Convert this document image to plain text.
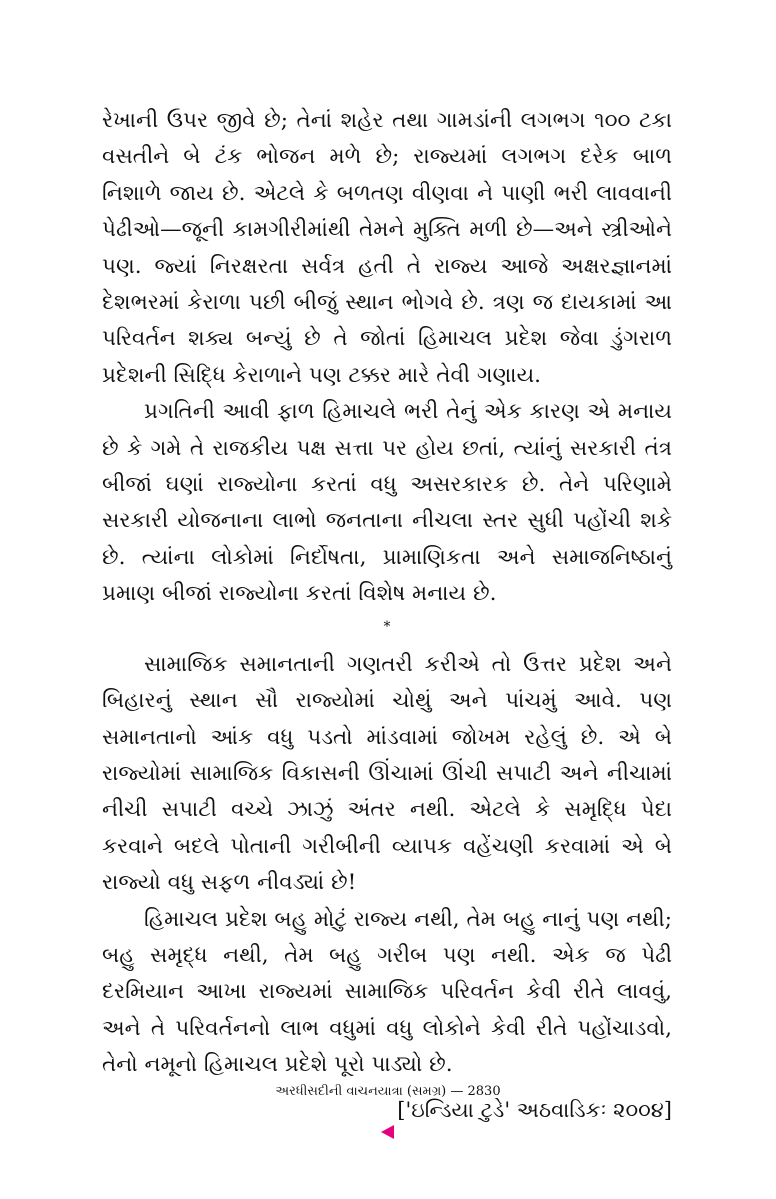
રેખાની ઉપર જીવે છે; તેનાં શહેર તથા ગામડાંની લગભગ ૧૦૦ ટકા વસતીને બે ટંક ભોજન મળે છે; રાજ્યમાં લગભગ દરેક બાળ નિશાળે જાય છે. એટલે કે બળતણ વીણવા ને પાણી ભરી લાવવાની પેઢીઓ—જૂની કામગીરીમાંથી તેમને મુક્તિ મળી છે—અને સ્ત્રીઓને પણ. જ્યાં નિરક્ષરતા સર્વત્ર હતી તે રાજ્ય આજે અક્ષરજ્ઞાનમાં દેશભરમાં કેરાળા પછી બીજું સ્થાન ભોગવે છે. ત્રણ જ દાયકામાં આ પરિવર્તન શક્ય બન્યું છે તે જોતાં હિમાચલ પ્રદેશ જેવા ડુંગરાળ પ્રદેશની સિદ્ધિ કેરાળાને પણ ટક્કર મારે તેવી ગણાય.

પ્રગતિની આવી ફાળ હિમાચલે ભરી તેનું એક કારણ એ મનાય છે કે ગમે તે રાજકીય પક્ષ સત્તા પર હોય છતાં, ત્યાંનું સરકારી તંત્ર બીજાં ઘણાં રાજ્યોના કરતાં વધુ અસરકારક છે. તેને પરિણામે સરકારી યોજનાના લાભો જનતાના નીચલા સ્તર સુધી પહોંચી શકે છે. ત્યાંના લોકોમાં નિર્દોષતા, પ્રામાણિકતા અને સમાજનિષ્ઠાનું પ્રમાણ બીજાં રાજ્યોના કરતાં વિશેષ મનાય છે.

*

સામાજિક સમાનતાની ગણતરી કરીએ તો ઉત્તર પ્રદેશ અને બિહારનું સ્થાન સૌ રાજ્યોમાં ચોથું અને પાંચમું આવે. પણ સમાનતાનો આંક વધુ પડતો માંડવામાં જોખમ રહેલું છે. એ બે રાજ્યોમાં સામાજિક વિકાસની ઊંચામાં ઊંચી સપાટી અને નીચામાં નીચી સપાટી વચ્ચે ઝાઝું અંતર નથી. એટલે કે સમૃદ્ધિ પેદા કરવાને બદલે પોતાની ગરીબીની વ્યાપક વહેંચણી કરવામાં એ બે રાજ્યો વધુ સફળ નીવડ્યાં છે!

હિમાચલ પ્રદેશ બહુ મોટું રાજ્ય નથી, તેમ બહુ નાનું પણ નથી; બહુ સમૃદ્ધ નથી, તેમ બહુ ગરીબ પણ નથી. એક જ પેઢી દરમિયાન આખા રાજ્યમાં સામાજિક પરિવર્તન કેવી રીતે લાવવું, અને તે પરિવર્તનનો લાભ વધુમાં વધુ લોકોને કેવી રીતે પહોંચાડવો, તેનો નમૂનો હિમાચલ પ્રદેશે પૂરો પાડ્યો છે.

['ઇન્ડિયા ટુડે' અઠવાડિકઃ ૨૦૦૪]
અરધીસદીની વાચનયાત્રા (સમગ્ર) — 2830
